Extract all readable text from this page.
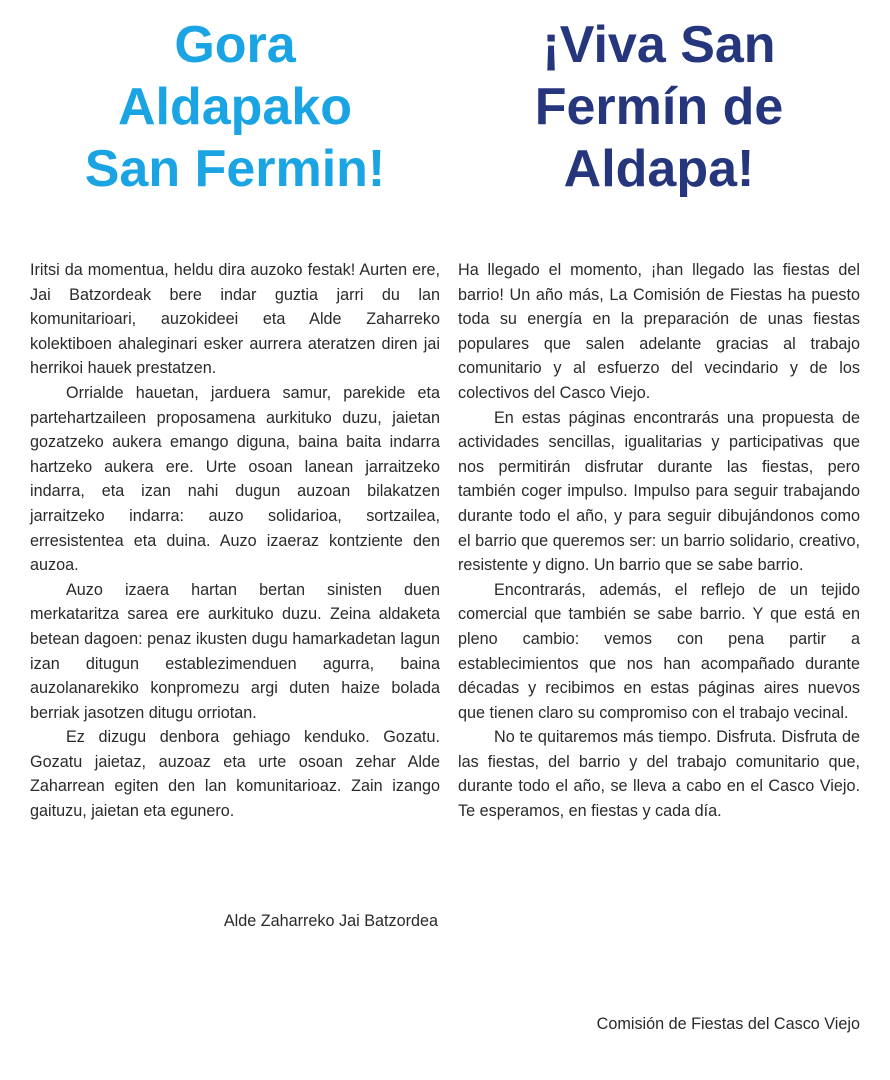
Gora
Aldapako
San Fermin!

Iritsi da momentua, heldu dira auzoko festak! Aurten ere, Jai Batzordeak bere indar guztia jarri du lan komunitarioari, auzokideei eta Alde Zaharreko kolektiboen ahaleginari esker aurrera ateratzen diren jai herrikoi hauek prestatzen.

Orrialde hauetan, jarduera samur, parekide eta partehartzaileen proposamena aurkituko duzu, jaietan gozatzeko aukera emango diguna, baina baita indarra hartzeko aukera ere. Urte osoan lanean jarraitzeko indarra, eta izan nahi dugun auzoan bilakatzen jarraitzeko indarra: auzo solidarioa, sortzailea, erresistentea eta duina. Auzo izaeraz kontziente den auzoa.

Auzo izaera hartan bertan sinisten duen merkataritza sarea ere aurkituko duzu. Zeina aldaketa betean dagoen: penaz ikusten dugu hamarkadetan lagun izan ditugun establezimenduen agurra, baina auzolanarekiko konpromezu argi duten haize bolada berriak jasotzen ditugu orriotan.

Ez dizugu denbora gehiago kenduko. Gozatu. Gozatu jaietaz, auzoaz eta urte osoan zehar Alde Zaharrean egiten den lan komunitarioaz. Zain izango gaituzu, jaietan eta egunero.

Alde Zaharreko Jai Batzordea
¡Viva San
Fermín de
Aldapa!

Ha llegado el momento, ¡han llegado las fiestas del barrio! Un año más, La Comisión de Fiestas ha puesto toda su energía en la preparación de unas fiestas populares que salen adelante gracias al trabajo comunitario y al esfuerzo del vecindario y de los colectivos del Casco Viejo.

En estas páginas encontrarás una propuesta de actividades sencillas, igualitarias y participativas que nos permitirán disfrutar durante las fiestas, pero también coger impulso. Impulso para seguir trabajando durante todo el año, y para seguir dibujándonos como el barrio que queremos ser: un barrio solidario, creativo, resistente y digno. Un barrio que se sabe barrio.

Encontrarás, además, el reflejo de un tejido comercial que también se sabe barrio. Y que está en pleno cambio: vemos con pena partir a establecimientos que nos han acompañado durante décadas y recibimos en estas páginas aires nuevos que tienen claro su compromiso con el trabajo vecinal.

No te quitaremos más tiempo. Disfruta. Disfruta de las fiestas, del barrio y del trabajo comunitario que, durante todo el año, se lleva a cabo en el Casco Viejo. Te esperamos, en fiestas y cada día.

Comisión de Fiestas del Casco Viejo
